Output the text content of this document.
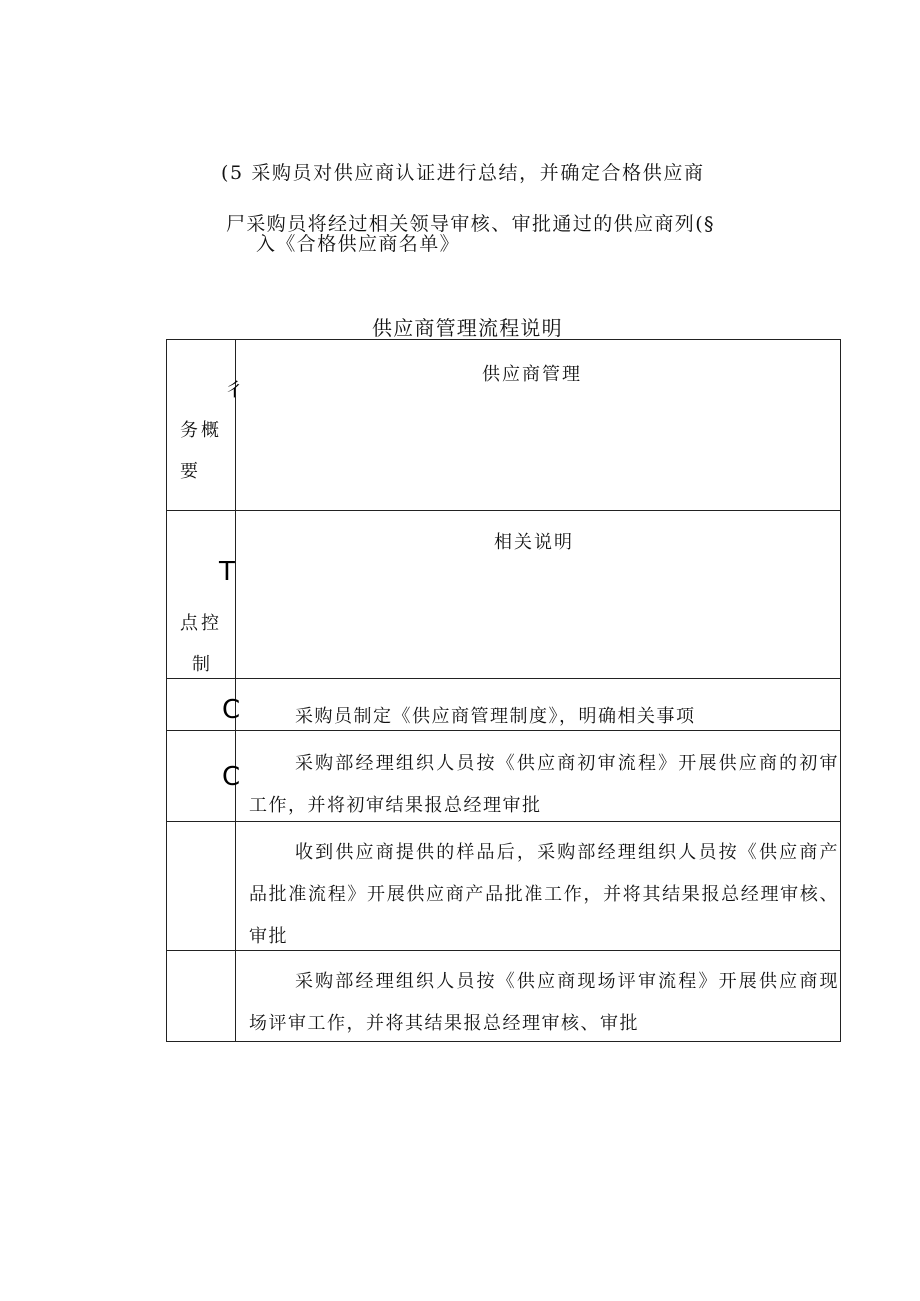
(5 采购员对供应商认证进行总结，并确定合格供应商
尸采购员将经过相关领导审核、审批通过的供应商列(§
入《合格供应商名单》
供应商管理流程说明
彳
务概
要
供应商管理
T
点控
制
相关说明
C	采购员制定《供应商管理制度》，明确相关事项
C	采购部经理组织人员按《供应商初审流程》开展供应商的初审工作，并将初审结果报总经理审批
收到供应商提供的样品后，采购部经理组织人员按《供应商产品批准流程》开展供应商产品批准工作，并将其结果报总经理审核、审批
采购部经理组织人员按《供应商现场评审流程》开展供应商现场评审工作，并将其结果报总经理审核、审批
